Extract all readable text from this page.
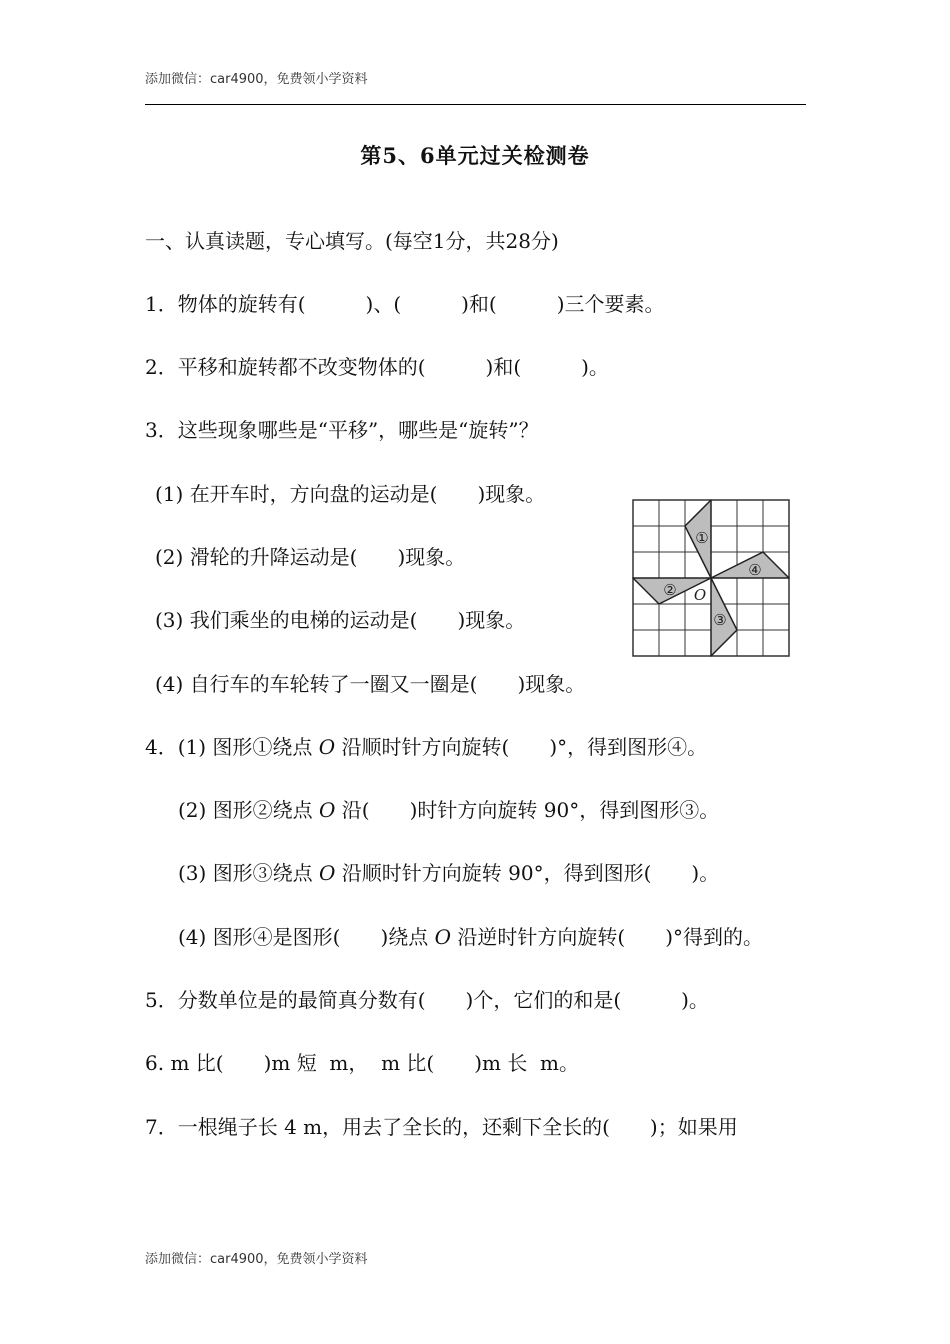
添加微信：car4900，免费领小学资料
第5、6单元过关检测卷
一、认真读题，专心填写。(每空1分，共28分)
1．物体的旋转有(　　　)、(　　　)和(　　　)三个要素。
2．平移和旋转都不改变物体的(　　　)和(　　　)。
3．这些现象哪些是“平移”，哪些是“旋转”？
(1) 在开车时，方向盘的运动是(　　)现象。
(2) 滑轮的升降运动是(　　)现象。
(3) 我们乘坐的电梯的运动是(　　)现象。
(4) 自行车的车轮转了一圈又一圈是(　　)现象。
4．(1) 图形①绕点 O 沿顺时针方向旋转(　　)°，得到图形④。
(2) 图形②绕点 O 沿(　　)时针方向旋转 90°，得到图形③。
(3) 图形③绕点 O 沿顺时针方向旋转 90°，得到图形(　　)。
(4) 图形④是图形(　　)绕点 O 沿逆时针方向旋转(　　)°得到的。
5．分数单位是的最简真分数有(　　)个，它们的和是(　　　)。
6. m 比(　　)m 短  m，  m 比(　　)m 长  m。
7．一根绳子长 4 m，用去了全长的，还剩下全长的(　　)；如果用
添加微信：car4900，免费领小学资料
①
②
③
④
O
